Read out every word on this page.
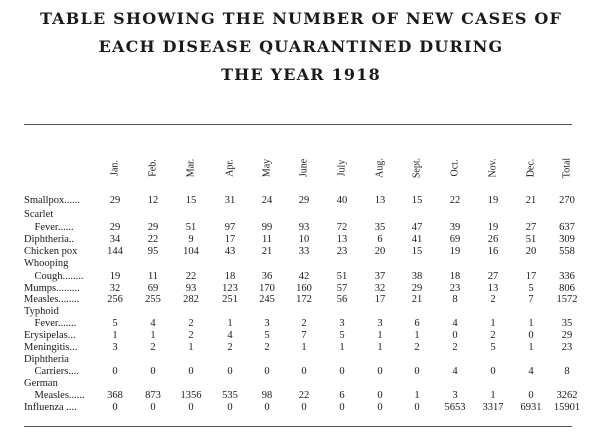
TABLE SHOWING THE NUMBER OF NEW CASES OF
EACH DISEASE QUARANTINED DURING
THE YEAR 1918
Jan.	Feb.	Mar.	Apr.	May	June	July	Aug.	Sept.	Oct.	Nov.	Dec.	Total
Smallpox......	29	12	15	31	24	29	40	13	15	22	19	21	270
Scarlet
Fever......	29	29	51	97	99	93	72	35	47	39	19	27	637
Diphtheria..	34	22	9	17	11	10	13	6	41	69	26	51	309
Chicken pox	144	95	104	43	21	33	23	20	15	19	16	20	558
Whooping
Cough........	19	11	22	18	36	42	51	37	38	18	27	17	336
Mumps.........	32	69	93	123	170	160	57	32	29	23	13	5	806
Measles........	256	255	282	251	245	172	56	17	21	8	2	7	1572
Typhoid
Fever.......	5	4	2	1	3	2	3	3	6	4	1	1	35
Erysipelas...	1	1	2	4	5	7	5	1	1	0	2	0	29
Meningitis...	3	2	1	2	2	1	1	1	2	2	5	1	23
Diphtheria
Carriers....	0	0	0	0	0	0	0	0	0	4	0	4	8
German
Measles......	368	873	1356	535	98	22	6	0	1	3	1	0	3262
Influenza ....	0	0	0	0	0	0	0	0	0	5653	3317	6931	15901
